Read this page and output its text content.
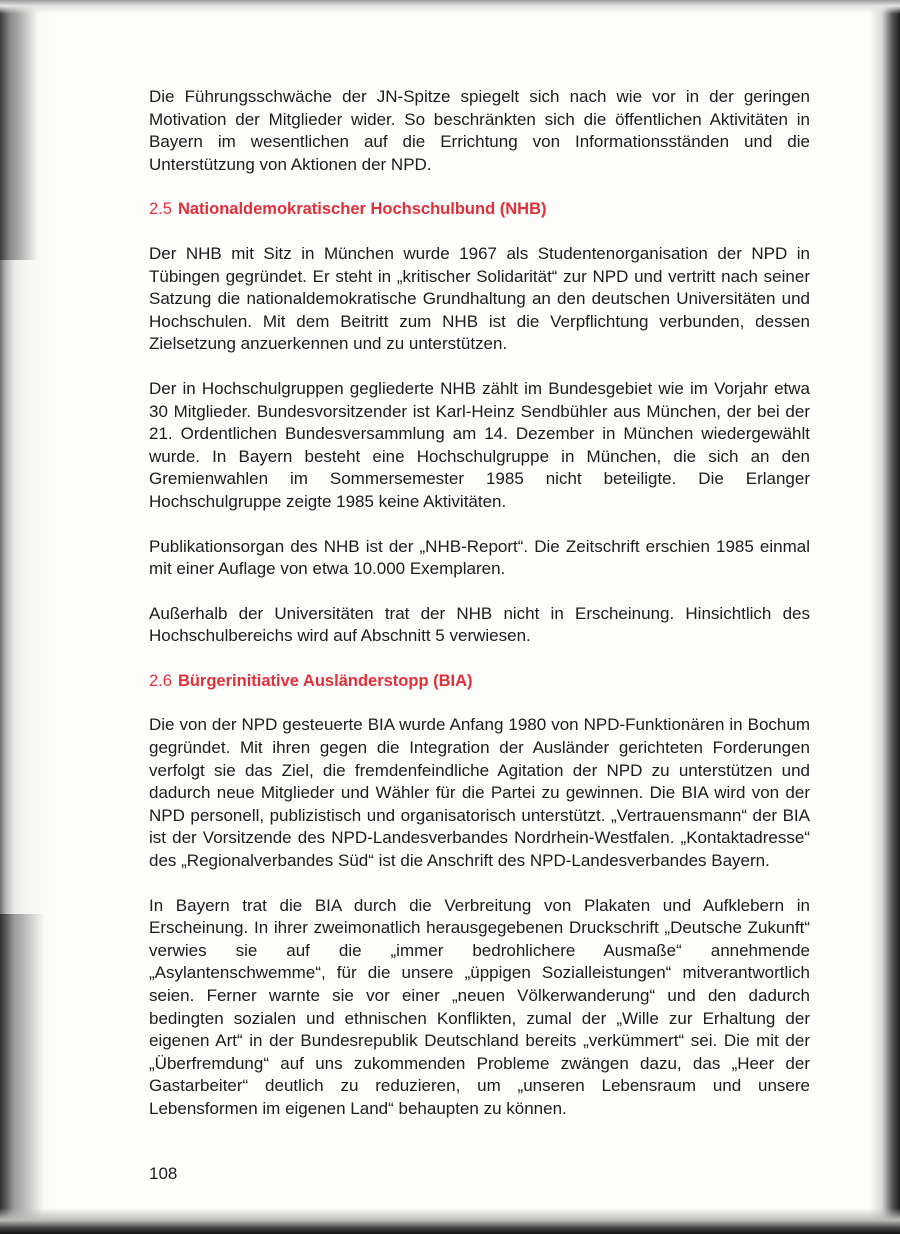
Die Führungsschwäche der JN-Spitze spiegelt sich nach wie vor in der geringen Motivation der Mitglieder wider. So beschränkten sich die öffentlichen Aktivitäten in Bayern im wesentlichen auf die Errichtung von Informationsständen und die Unterstützung von Aktionen der NPD.

2.5 Nationaldemokratischer Hochschulbund (NHB)

Der NHB mit Sitz in München wurde 1967 als Studentenorganisation der NPD in Tübingen gegründet. Er steht in „kritischer Solidarität“ zur NPD und vertritt nach seiner Satzung die nationaldemokratische Grundhaltung an den deutschen Universitäten und Hochschulen. Mit dem Beitritt zum NHB ist die Verpflichtung verbunden, dessen Zielsetzung anzuerkennen und zu unterstützen.

Der in Hochschulgruppen gegliederte NHB zählt im Bundesgebiet wie im Vorjahr etwa 30 Mitglieder. Bundesvorsitzender ist Karl-Heinz Sendbühler aus München, der bei der 21. Ordentlichen Bundesversammlung am 14. Dezember in München wiedergewählt wurde. In Bayern besteht eine Hochschulgruppe in München, die sich an den Gremienwahlen im Sommersemester 1985 nicht beteiligte. Die Erlanger Hochschulgruppe zeigte 1985 keine Aktivitäten.

Publikationsorgan des NHB ist der „NHB-Report“. Die Zeitschrift erschien 1985 einmal mit einer Auflage von etwa 10.000 Exemplaren.

Außerhalb der Universitäten trat der NHB nicht in Erscheinung. Hinsichtlich des Hochschulbereichs wird auf Abschnitt 5 verwiesen.

2.6 Bürgerinitiative Ausländerstopp (BIA)

Die von der NPD gesteuerte BIA wurde Anfang 1980 von NPD-Funktionären in Bochum gegründet. Mit ihren gegen die Integration der Ausländer gerichteten Forderungen verfolgt sie das Ziel, die fremdenfeindliche Agitation der NPD zu unterstützen und dadurch neue Mitglieder und Wähler für die Partei zu gewinnen. Die BIA wird von der NPD personell, publizistisch und organisatorisch unterstützt. „Vertrauensmann“ der BIA ist der Vorsitzende des NPD-Landesverbandes Nordrhein-Westfalen. „Kontaktadresse“ des „Regionalverbandes Süd“ ist die Anschrift des NPD-Landesverbandes Bayern.

In Bayern trat die BIA durch die Verbreitung von Plakaten und Aufklebern in Erscheinung. In ihrer zweimonatlich herausgegebenen Druckschrift „Deutsche Zukunft“ verwies sie auf die „immer bedrohlichere Ausmaße“ annehmende „Asylantenschwemme“, für die unsere „üppigen Sozialleistungen“ mitverantwortlich seien. Ferner warnte sie vor einer „neuen Völkerwanderung“ und den dadurch bedingten sozialen und ethnischen Konflikten, zumal der „Wille zur Erhaltung der eigenen Art“ in der Bundesrepublik Deutschland bereits „verkümmert“ sei. Die mit der „Überfremdung“ auf uns zukommenden Probleme zwängen dazu, das „Heer der Gastarbeiter“ deutlich zu reduzieren, um „unseren Lebensraum und unsere Lebensformen im eigenen Land“ behaupten zu können.

108
